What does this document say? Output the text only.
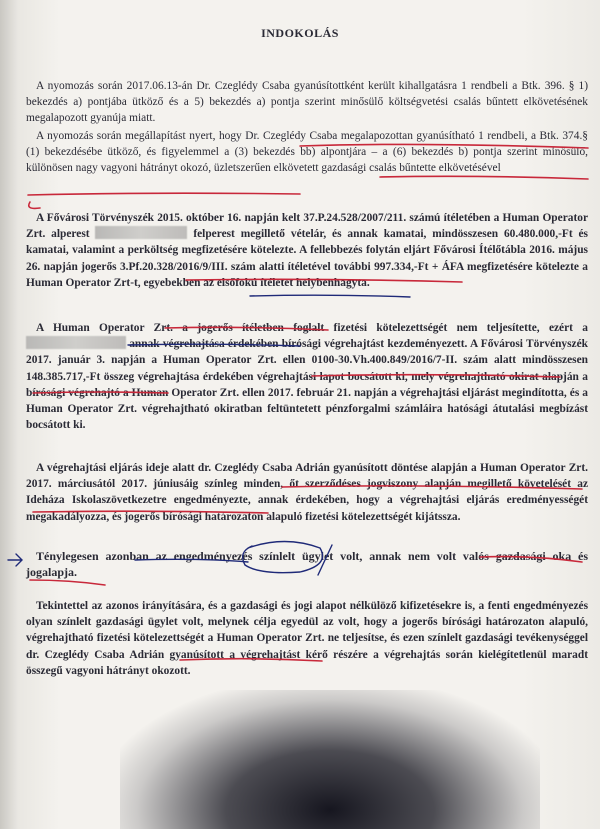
INDOKOLÁS
A nyomozás során 2017.06.13-án Dr. Czeglédy Csaba gyanúsítottként került kihallgatásra 1 rendbeli a Btk. 396. § 1) bekezdés a) pontjába ütköző és a 5) bekezdés a) pontja szerint minősülő költségvetési csalás bűntett elkövetésének megalapozott gyanúja miatt.
A nyomozás során megállapítást nyert, hogy Dr. Czeglédy Csaba megalapozottan gyanúsítható 1 rendbeli, a Btk. 374.§ (1) bekezdésébe ütköző, és figyelemmel a (3) bekezdés bb) alpontjára – a (6) bekezdés b) pontja szerint minősülő, különösen nagy vagyoni hátrányt okozó, üzletszerűen elkövetett gazdasági csalás bűntette elkövetésével
A Fővárosi Törvényszék 2015. október 16. napján kelt 37.P.24.528/2007/211. számú ítéletében a Human Operator Zrt. alperest	felperest megillető vételár, és annak kamatai, mindösszesen 60.480.000,-Ft és kamatai, valamint a perköltség megfizetésére kötelezte. A fellebbezés folytán eljárt Fővárosi Ítélőtábla 2016. május 26. napján jogerős 3.Pf.20.328/2016/9/III. szám alatti ítéletével további 997.334,-Ft + ÁFA megfizetésére kötelezte a Human Operator Zrt-t, egyebekben az elsőfokú ítéletet helybenhagyta.
A Human Operator Zrt. a jogerős ítéletben foglalt fizetési kötelezettségét nem teljesítette, ezért a  annak végrehajtása érdekében bírósági végrehajtást kezdeményezett. A Fővárosi Törvényszék 2017. január 3. napján a Human Operator Zrt. ellen 0100-30.Vh.400.849/2016/7-II. szám alatt mindösszesen 148.385.717,-Ft összeg végrehajtása érdekében végrehajtási lapot bocsátott ki, mely végrehajtható okirat alapján a bírósági végrehajtó a Human Operator Zrt. ellen 2017. február 21. napján a végrehajtási eljárást megindította, és a Human Operator Zrt. végrehajtható okiratban feltüntetett pénzforgalmi számláira hatósági átutalási megbízást bocsátott ki.
A végrehajtási eljárás ideje alatt dr. Czeglédy Csaba Adrián gyanúsított döntése alapján a Human Operator Zrt. 2017. márciusától 2017. júniusáig színleg minden, őt szerződéses jogviszony alapján megillető követelését az Ideháza Iskolaszövetkezetre engedményezte, annak érdekében, hogy a végrehajtási eljárás eredményességét megakadályozza, és jogerős bírósági határozaton alapuló fizetési kötelezettségét kijátssza.
Ténylegesen azonban az engedményezés színlelt ügylet volt, annak nem volt valós gazdasági oka és jogalapja.
Tekintettel az azonos irányítására, és a gazdasági és jogi alapot nélkülöző kifizetésekre is, a fenti engedményezés olyan színlelt gazdasági ügylet volt, melynek célja egyedül az volt, hogy a jogerős bírósági határozaton alapuló, végrehajtható fizetési kötelezettségét a Human Operator Zrt. ne teljesítse, és ezen színlelt gazdasági tevékenységgel dr. Czeglédy Csaba Adrián gyanúsított a végrehajtást kérő részére a végrehajtás során kielégítetlenül maradt összegű vagyoni hátrányt okozott.
